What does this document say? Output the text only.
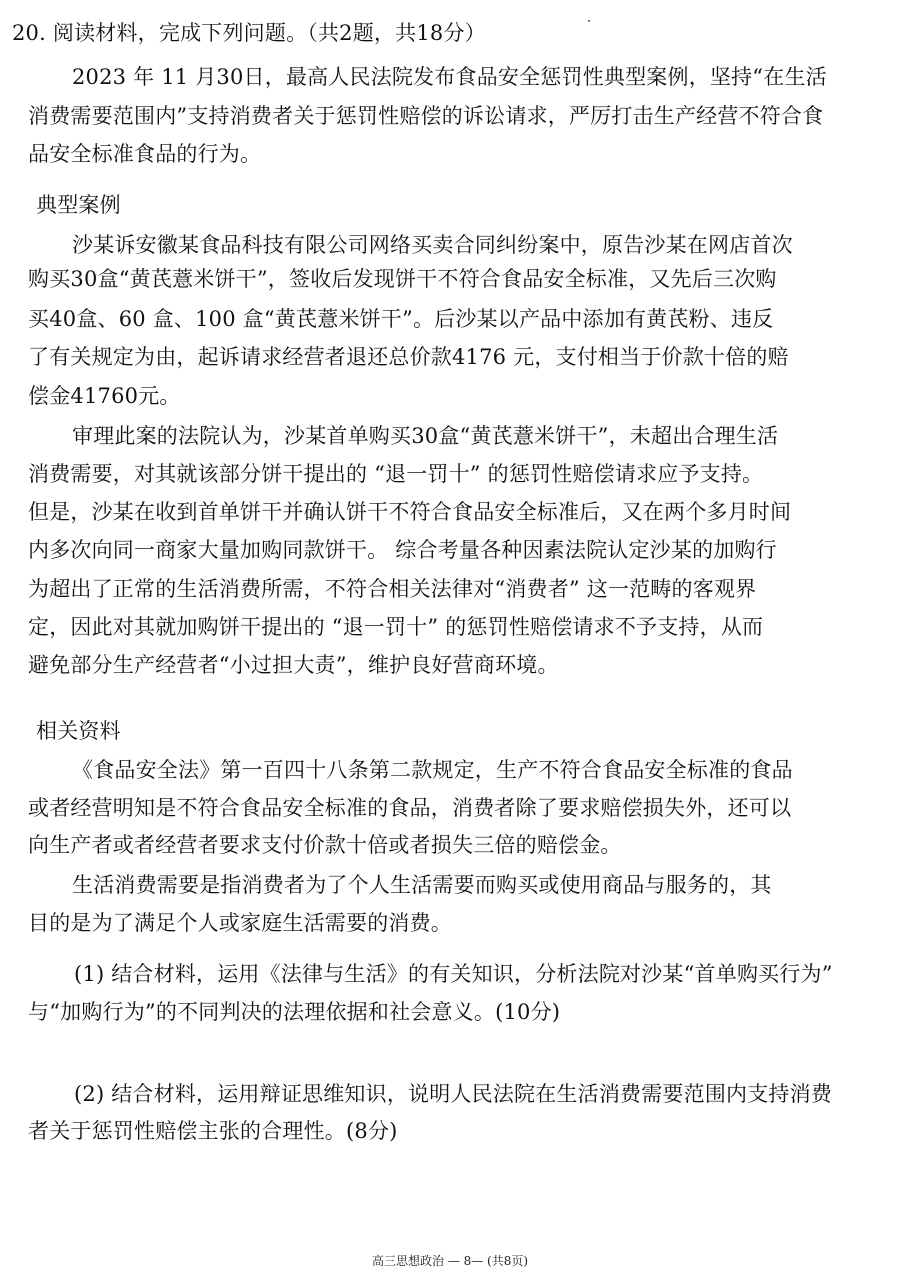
20. 阅读材料，完成下列问题。（共2题，共18分）
2023 年 11 月30日，最高人民法院发布食品安全惩罚性典型案例，坚持“在生活
消费需要范围内”支持消费者关于惩罚性赔偿的诉讼请求，严厉打击生产经营不符合食
品安全标准食品的行为。
典型案例
沙某诉安徽某食品科技有限公司网络买卖合同纠纷案中，原告沙某在网店首次
购买30盒“黄芪薏米饼干”，签收后发现饼干不符合食品安全标准，又先后三次购
买40盒、60 盒、100 盒“黄芪薏米饼干”。后沙某以产品中添加有黄芪粉、违反
了有关规定为由，起诉请求经营者退还总价款4176 元，支付相当于价款十倍的赔
偿金41760元。
审理此案的法院认为，沙某首单购买30盒“黄芪薏米饼干”，未超出合理生活
消费需要，对其就该部分饼干提出的 “退一罚十” 的惩罚性赔偿请求应予支持。
但是，沙某在收到首单饼干并确认饼干不符合食品安全标准后，又在两个多月时间
内多次向同一商家大量加购同款饼干。 综合考量各种因素法院认定沙某的加购行
为超出了正常的生活消费所需，不符合相关法律对“消费者” 这一范畴的客观界
定，因此对其就加购饼干提出的 “退一罚十” 的惩罚性赔偿请求不予支持，从而
避免部分生产经营者“小过担大责”，维护良好营商环境。
相关资料
《食品安全法》第一百四十八条第二款规定，生产不符合食品安全标准的食品
或者经营明知是不符合食品安全标准的食品，消费者除了要求赔偿损失外，还可以
向生产者或者经营者要求支付价款十倍或者损失三倍的赔偿金。
生活消费需要是指消费者为了个人生活需要而购买或使用商品与服务的，其
目的是为了满足个人或家庭生活需要的消费。
(1) 结合材料，运用《法律与生活》的有关知识，分析法院对沙某“首单购买行为”
与“加购行为”的不同判决的法理依据和社会意义。(10分)
(2) 结合材料，运用辩证思维知识，说明人民法院在生活消费需要范围内支持消费
者关于惩罚性赔偿主张的合理性。(8分)
高三思想政治 — 8— (共8页)
